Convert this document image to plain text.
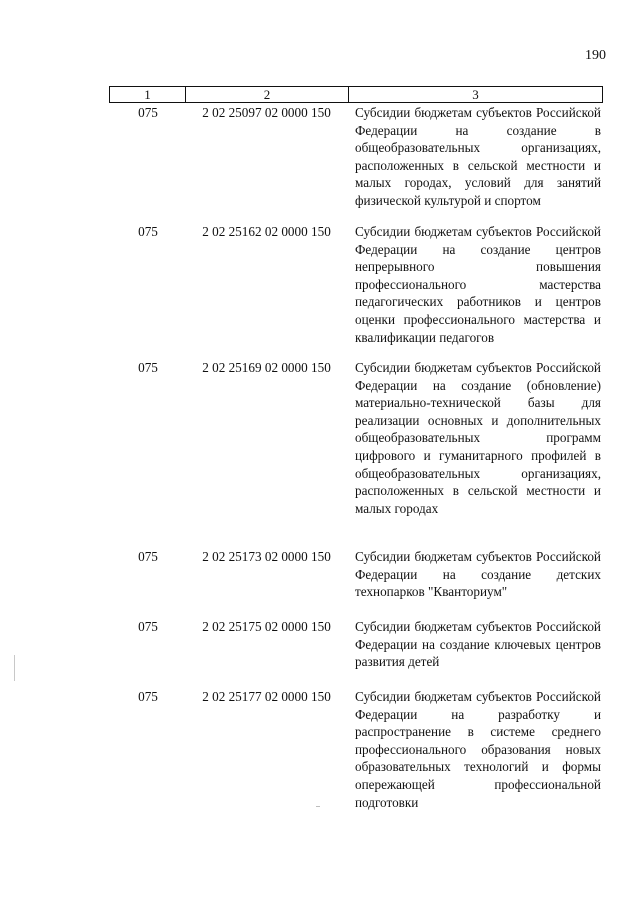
190
1	2	3
075	2 02 25097 02 0000 150	Субсидии бюджетам субъектов Российской Федерации на создание в общеобразовательных организациях, расположенных в сельской местности и малых городах, условий для занятий физической культурой и спортом
075	2 02 25162 02 0000 150	Субсидии бюджетам субъектов Российской Федерации на создание центров непрерывного повышения профессионального мастерства педагогических работников и центров оценки профессионального мастерства и квалификации педагогов
075	2 02 25169 02 0000 150	Субсидии бюджетам субъектов Российской Федерации на создание (обновление) материально-технической базы для реализации основных и дополнительных общеобразовательных программ цифрового и гуманитарного профилей в общеобразовательных организациях, расположенных в сельской местности и малых городах
075	2 02 25173 02 0000 150	Субсидии бюджетам субъектов Российской Федерации на создание детских технопарков "Кванториум"
075	2 02 25175 02 0000 150	Субсидии бюджетам субъектов Российской Федерации на создание ключевых центров развития детей
075	2 02 25177 02 0000 150	Субсидии бюджетам субъектов Российской Федерации на разработку и распространение в системе среднего профессионального образования новых образовательных технологий и формы опережающей профессиональной подготовки
